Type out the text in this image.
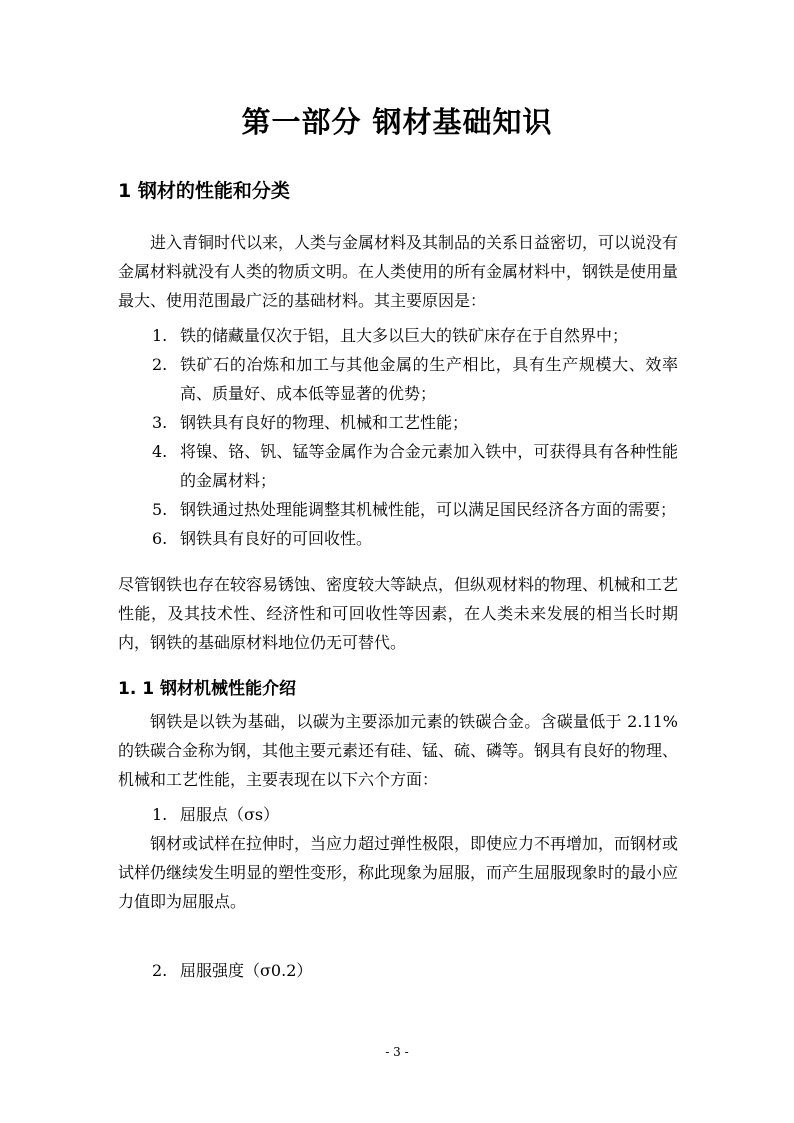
第一部分 钢材基础知识
1 钢材的性能和分类

进入青铜时代以来，人类与金属材料及其制品的关系日益密切，可以说没有金属材料就没有人类的物质文明。在人类使用的所有金属材料中，钢铁是使用量最大、使用范围最广泛的基础材料。其主要原因是：

1. 铁的储藏量仅次于铝，且大多以巨大的铁矿床存在于自然界中；
2. 铁矿石的冶炼和加工与其他金属的生产相比，具有生产规模大、效率高、质量好、成本低等显著的优势；
3. 钢铁具有良好的物理、机械和工艺性能；
4. 将镍、铬、钒、锰等金属作为合金元素加入铁中，可获得具有各种性能的金属材料；
5. 钢铁通过热处理能调整其机械性能，可以满足国民经济各方面的需要；
6. 钢铁具有良好的可回收性。

尽管钢铁也存在较容易锈蚀、密度较大等缺点，但纵观材料的物理、机械和工艺性能，及其技术性、经济性和可回收性等因素，在人类未来发展的相当长时期内，钢铁的基础原材料地位仍无可替代。

1. 1 钢材机械性能介绍

钢铁是以铁为基础，以碳为主要添加元素的铁碳合金。含碳量低于 2.11%的铁碳合金称为钢，其他主要元素还有硅、锰、硫、磷等。钢具有良好的物理、机械和工艺性能，主要表现在以下六个方面：

1. 屈服点（σs）

钢材或试样在拉伸时，当应力超过弹性极限，即使应力不再增加，而钢材或试样仍继续发生明显的塑性变形，称此现象为屈服，而产生屈服现象时的最小应力值即为屈服点。

2. 屈服强度（σ0.2）
- 3 -
